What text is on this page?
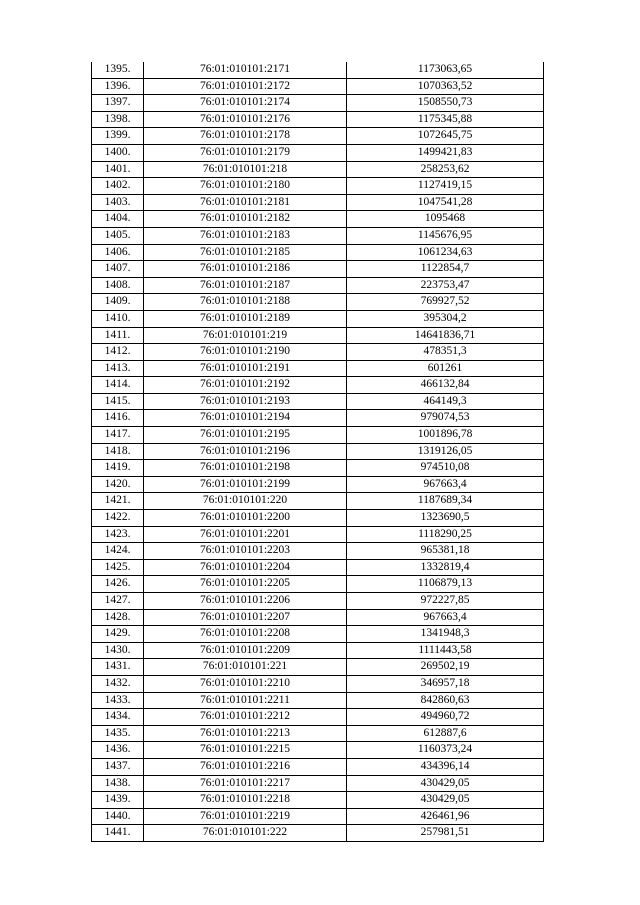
1395.	76:01:010101:2171	1173063,65
1396.	76:01:010101:2172	1070363,52
1397.	76:01:010101:2174	1508550,73
1398.	76:01:010101:2176	1175345,88
1399.	76:01:010101:2178	1072645,75
1400.	76:01:010101:2179	1499421,83
1401.	76:01:010101:218	258253,62
1402.	76:01:010101:2180	1127419,15
1403.	76:01:010101:2181	1047541,28
1404.	76:01:010101:2182	1095468
1405.	76:01:010101:2183	1145676,95
1406.	76:01:010101:2185	1061234,63
1407.	76:01:010101:2186	1122854,7
1408.	76:01:010101:2187	223753,47
1409.	76:01:010101:2188	769927,52
1410.	76:01:010101:2189	395304,2
1411.	76:01:010101:219	14641836,71
1412.	76:01:010101:2190	478351,3
1413.	76:01:010101:2191	601261
1414.	76:01:010101:2192	466132,84
1415.	76:01:010101:2193	464149,3
1416.	76:01:010101:2194	979074,53
1417.	76:01:010101:2195	1001896,78
1418.	76:01:010101:2196	1319126,05
1419.	76:01:010101:2198	974510,08
1420.	76:01:010101:2199	967663,4
1421.	76:01:010101:220	1187689,34
1422.	76:01:010101:2200	1323690,5
1423.	76:01:010101:2201	1118290,25
1424.	76:01:010101:2203	965381,18
1425.	76:01:010101:2204	1332819,4
1426.	76:01:010101:2205	1106879,13
1427.	76:01:010101:2206	972227,85
1428.	76:01:010101:2207	967663,4
1429.	76:01:010101:2208	1341948,3
1430.	76:01:010101:2209	1111443,58
1431.	76:01:010101:221	269502,19
1432.	76:01:010101:2210	346957,18
1433.	76:01:010101:2211	842860,63
1434.	76:01:010101:2212	494960,72
1435.	76:01:010101:2213	612887,6
1436.	76:01:010101:2215	1160373,24
1437.	76:01:010101:2216	434396,14
1438.	76:01:010101:2217	430429,05
1439.	76:01:010101:2218	430429,05
1440.	76:01:010101:2219	426461,96
1441.	76:01:010101:222	257981,51
